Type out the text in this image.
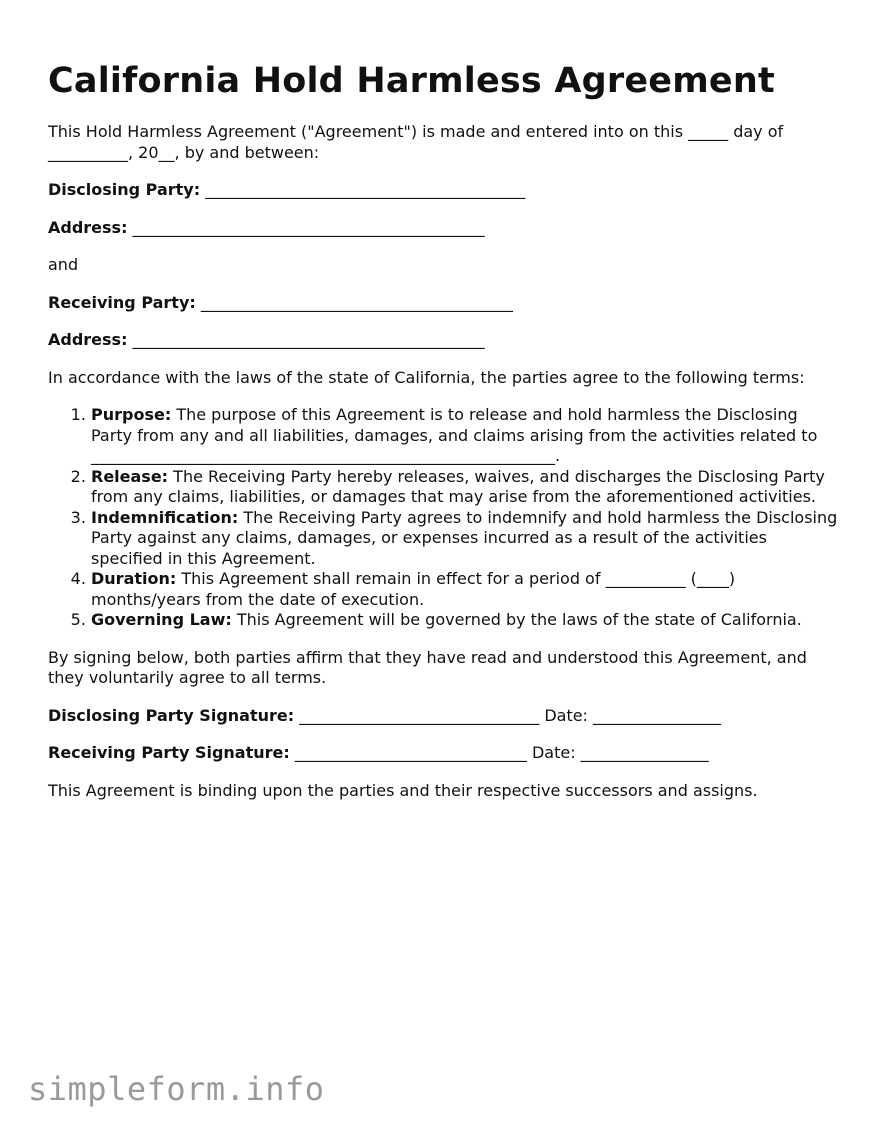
California Hold Harmless Agreement

This Hold Harmless Agreement ("Agreement") is made and entered into on this _____ day of __________, 20__, by and between:

Disclosing Party: ________________________________________
Address: ____________________________________________

and

Receiving Party: _______________________________________
Address: ____________________________________________

In accordance with the laws of the state of California, the parties agree to the following terms:

1. Purpose: The purpose of this Agreement is to release and hold harmless the Disclosing Party from any and all liabilities, damages, and claims arising from the activities related to __________________________________________________________.
2. Release: The Receiving Party hereby releases, waives, and discharges the Disclosing Party from any claims, liabilities, or damages that may arise from the aforementioned activities.
3. Indemnification: The Receiving Party agrees to indemnify and hold harmless the Disclosing Party against any claims, damages, or expenses incurred as a result of the activities specified in this Agreement.
4. Duration: This Agreement shall remain in effect for a period of __________ (____) months/years from the date of execution.
5. Governing Law: This Agreement will be governed by the laws of the state of California.

By signing below, both parties affirm that they have read and understood this Agreement, and they voluntarily agree to all terms.

Disclosing Party Signature: ______________________________ Date: ________________
Receiving Party Signature: _____________________________ Date: ________________

This Agreement is binding upon the parties and their respective successors and assigns.

simpleform.info
